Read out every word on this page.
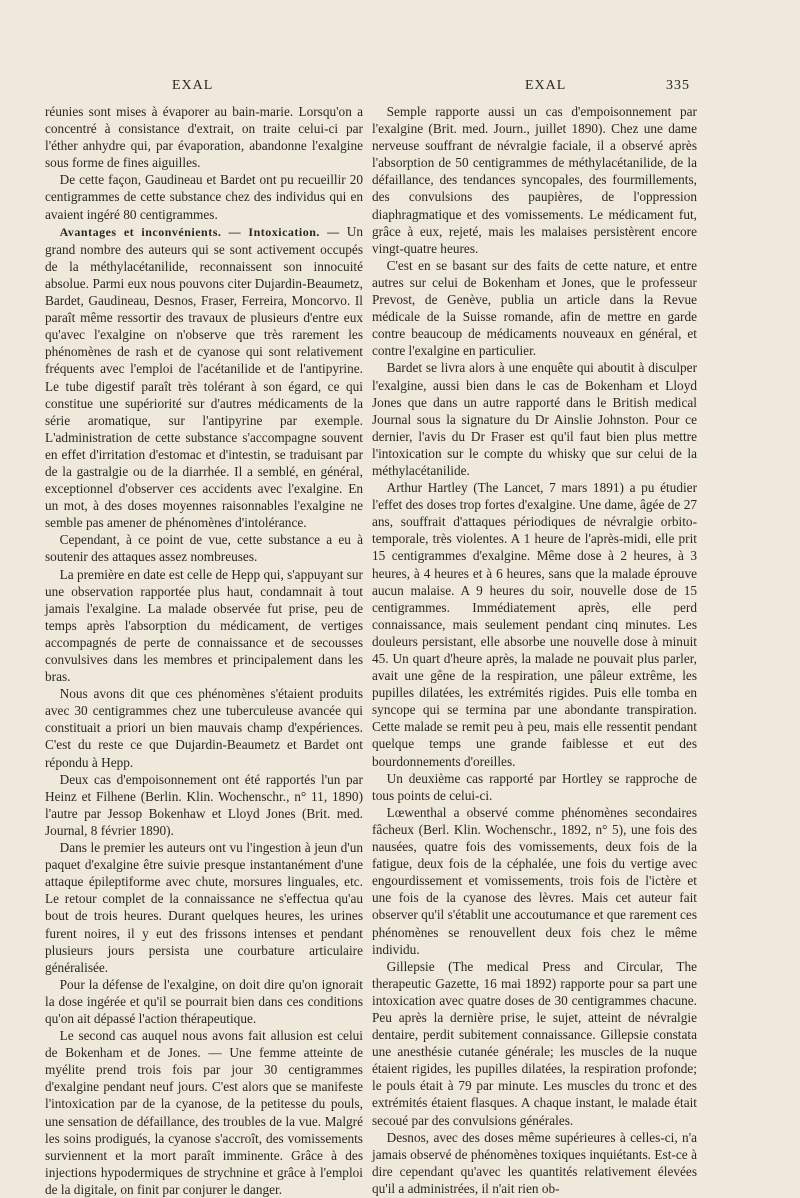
EXAL	EXAL	335

réunies sont mises à évaporer au bain-marie. Lorsqu'on a concentré à consistance d'extrait, on traite celui-ci par l'éther anhydre qui, par évaporation, abandonne l'exalgine sous forme de fines aiguilles.

De cette façon, Gaudineau et Bardet ont pu recueillir 20 centigrammes de cette substance chez des individus qui en avaient ingéré 80 centigrammes.

Avantages et inconvénients. — Intoxication. — Un grand nombre des auteurs qui se sont activement occupés de la méthylacétanilide, reconnaissent son innocuité absolue. Parmi eux nous pouvons citer Dujardin-Beaumetz, Bardet, Gaudineau, Desnos, Fraser, Ferreira, Moncorvo. Il paraît même ressortir des travaux de plusieurs d'entre eux qu'avec l'exalgine on n'observe que très rarement les phénomènes de rash et de cyanose qui sont relativement fréquents avec l'emploi de l'acétanilide et de l'antipyrine. Le tube digestif paraît très tolérant à son égard, ce qui constitue une supériorité sur d'autres médicaments de la série aromatique, sur l'antipyrine par exemple. L'administration de cette substance s'accompagne souvent en effet d'irritation d'estomac et d'intestin, se traduisant par de la gastralgie ou de la diarrhée. Il a semblé, en général, exceptionnel d'observer ces accidents avec l'exalgine. En un mot, à des doses moyennes raisonnables l'exalgine ne semble pas amener de phénomènes d'intolérance.

Cependant, à ce point de vue, cette substance a eu à soutenir des attaques assez nombreuses.

La première en date est celle de Hepp qui, s'appuyant sur une observation rapportée plus haut, condamnait à tout jamais l'exalgine. La malade observée fut prise, peu de temps après l'absorption du médicament, de vertiges accompagnés de perte de connaissance et de secousses convulsives dans les membres et principalement dans les bras.

Nous avons dit que ces phénomènes s'étaient produits avec 30 centigrammes chez une tuberculeuse avancée qui constituait a priori un bien mauvais champ d'expériences. C'est du reste ce que Dujardin-Beaumetz et Bardet ont répondu à Hepp.

Deux cas d'empoisonnement ont été rapportés l'un par Heinz et Filhene (Berlin. Klin. Wochenschr., n° 11, 1890) l'autre par Jessop Bokenhaw et Lloyd Jones (Brit. med. Journal, 8 février 1890).

Dans le premier les auteurs ont vu l'ingestion à jeun d'un paquet d'exalgine être suivie presque instantanément d'une attaque épileptiforme avec chute, morsures linguales, etc. Le retour complet de la connaissance ne s'effectua qu'au bout de trois heures. Durant quelques heures, les urines furent noires, il y eut des frissons intenses et pendant plusieurs jours persista une courbature articulaire généralisée.

Pour la défense de l'exalgine, on doit dire qu'on ignorait la dose ingérée et qu'il se pourrait bien dans ces conditions qu'on ait dépassé l'action thérapeutique.

Le second cas auquel nous avons fait allusion est celui de Bokenham et de Jones. — Une femme atteinte de myélite prend trois fois par jour 30 centigrammes d'exalgine pendant neuf jours. C'est alors que se manifeste l'intoxication par de la cyanose, de la petitesse du pouls, une sensation de défaillance, des troubles de la vue. Malgré les soins prodigués, la cyanose s'accroît, des vomissements surviennent et la mort paraît imminente. Grâce à des injections hypodermiques de strychnine et grâce à l'emploi de la digitale, on finit par conjurer le danger.

Semple rapporte aussi un cas d'empoisonnement par l'exalgine (Brit. med. Journ., juillet 1890). Chez une dame nerveuse souffrant de névralgie faciale, il a observé après l'absorption de 50 centigrammes de méthylacétanilide, de la défaillance, des tendances syncopales, des fourmillements, des convulsions des paupières, de l'oppression diaphragmatique et des vomissements. Le médicament fut, grâce à eux, rejeté, mais les malaises persistèrent encore vingt-quatre heures.

C'est en se basant sur des faits de cette nature, et entre autres sur celui de Bokenham et Jones, que le professeur Prevost, de Genève, publia un article dans la Revue médicale de la Suisse romande, afin de mettre en garde contre beaucoup de médicaments nouveaux en général, et contre l'exalgine en particulier.

Bardet se livra alors à une enquête qui aboutit à disculper l'exalgine, aussi bien dans le cas de Bokenham et Lloyd Jones que dans un autre rapporté dans le British medical Journal sous la signature du Dr Ainslie Johnston. Pour ce dernier, l'avis du Dr Fraser est qu'il faut bien plus mettre l'intoxication sur le compte du whisky que sur celui de la méthylacétanilide.

Arthur Hartley (The Lancet, 7 mars 1891) a pu étudier l'effet des doses trop fortes d'exalgine. Une dame, âgée de 27 ans, souffrait d'attaques périodiques de névralgie orbito-temporale, très violentes. A 1 heure de l'après-midi, elle prit 15 centigrammes d'exalgine. Même dose à 2 heures, à 3 heures, à 4 heures et à 6 heures, sans que la malade éprouve aucun malaise. A 9 heures du soir, nouvelle dose de 15 centigrammes. Immédiatement après, elle perd connaissance, mais seulement pendant cinq minutes. Les douleurs persistant, elle absorbe une nouvelle dose à minuit 45. Un quart d'heure après, la malade ne pouvait plus parler, avait une gêne de la respiration, une pâleur extrême, les pupilles dilatées, les extrémités rigides. Puis elle tomba en syncope qui se termina par une abondante transpiration. Cette malade se remit peu à peu, mais elle ressentit pendant quelque temps une grande faiblesse et eut des bourdonnements d'oreilles.

Un deuxième cas rapporté par Hortley se rapproche de tous points de celui-ci.

Lœwenthal a observé comme phénomènes secondaires fâcheux (Berl. Klin. Wochenschr., 1892, n° 5), une fois des nausées, quatre fois des vomissements, deux fois de la fatigue, deux fois de la céphalée, une fois du vertige avec engourdissement et vomissements, trois fois de l'ictère et une fois de la cyanose des lèvres. Mais cet auteur fait observer qu'il s'établit une accoutumance et que rarement ces phénomènes se renouvellent deux fois chez le même individu.

Gillepsie (The medical Press and Circular, The therapeutic Gazette, 16 mai 1892) rapporte pour sa part une intoxication avec quatre doses de 30 centigrammes chacune. Peu après la dernière prise, le sujet, atteint de névralgie dentaire, perdit subitement connaissance. Gillepsie constata une anesthésie cutanée générale; les muscles de la nuque étaient rigides, les pupilles dilatées, la respiration profonde; le pouls était à 79 par minute. Les muscles du tronc et des extrémités étaient flasques. A chaque instant, le malade était secoué par des convulsions générales.

Desnos, avec des doses même supérieures à celles-ci, n'a jamais observé de phénomènes toxiques inquiétants. Est-ce à dire cependant qu'avec les quantités relativement élevées qu'il a administrées, il n'ait rien ob-
